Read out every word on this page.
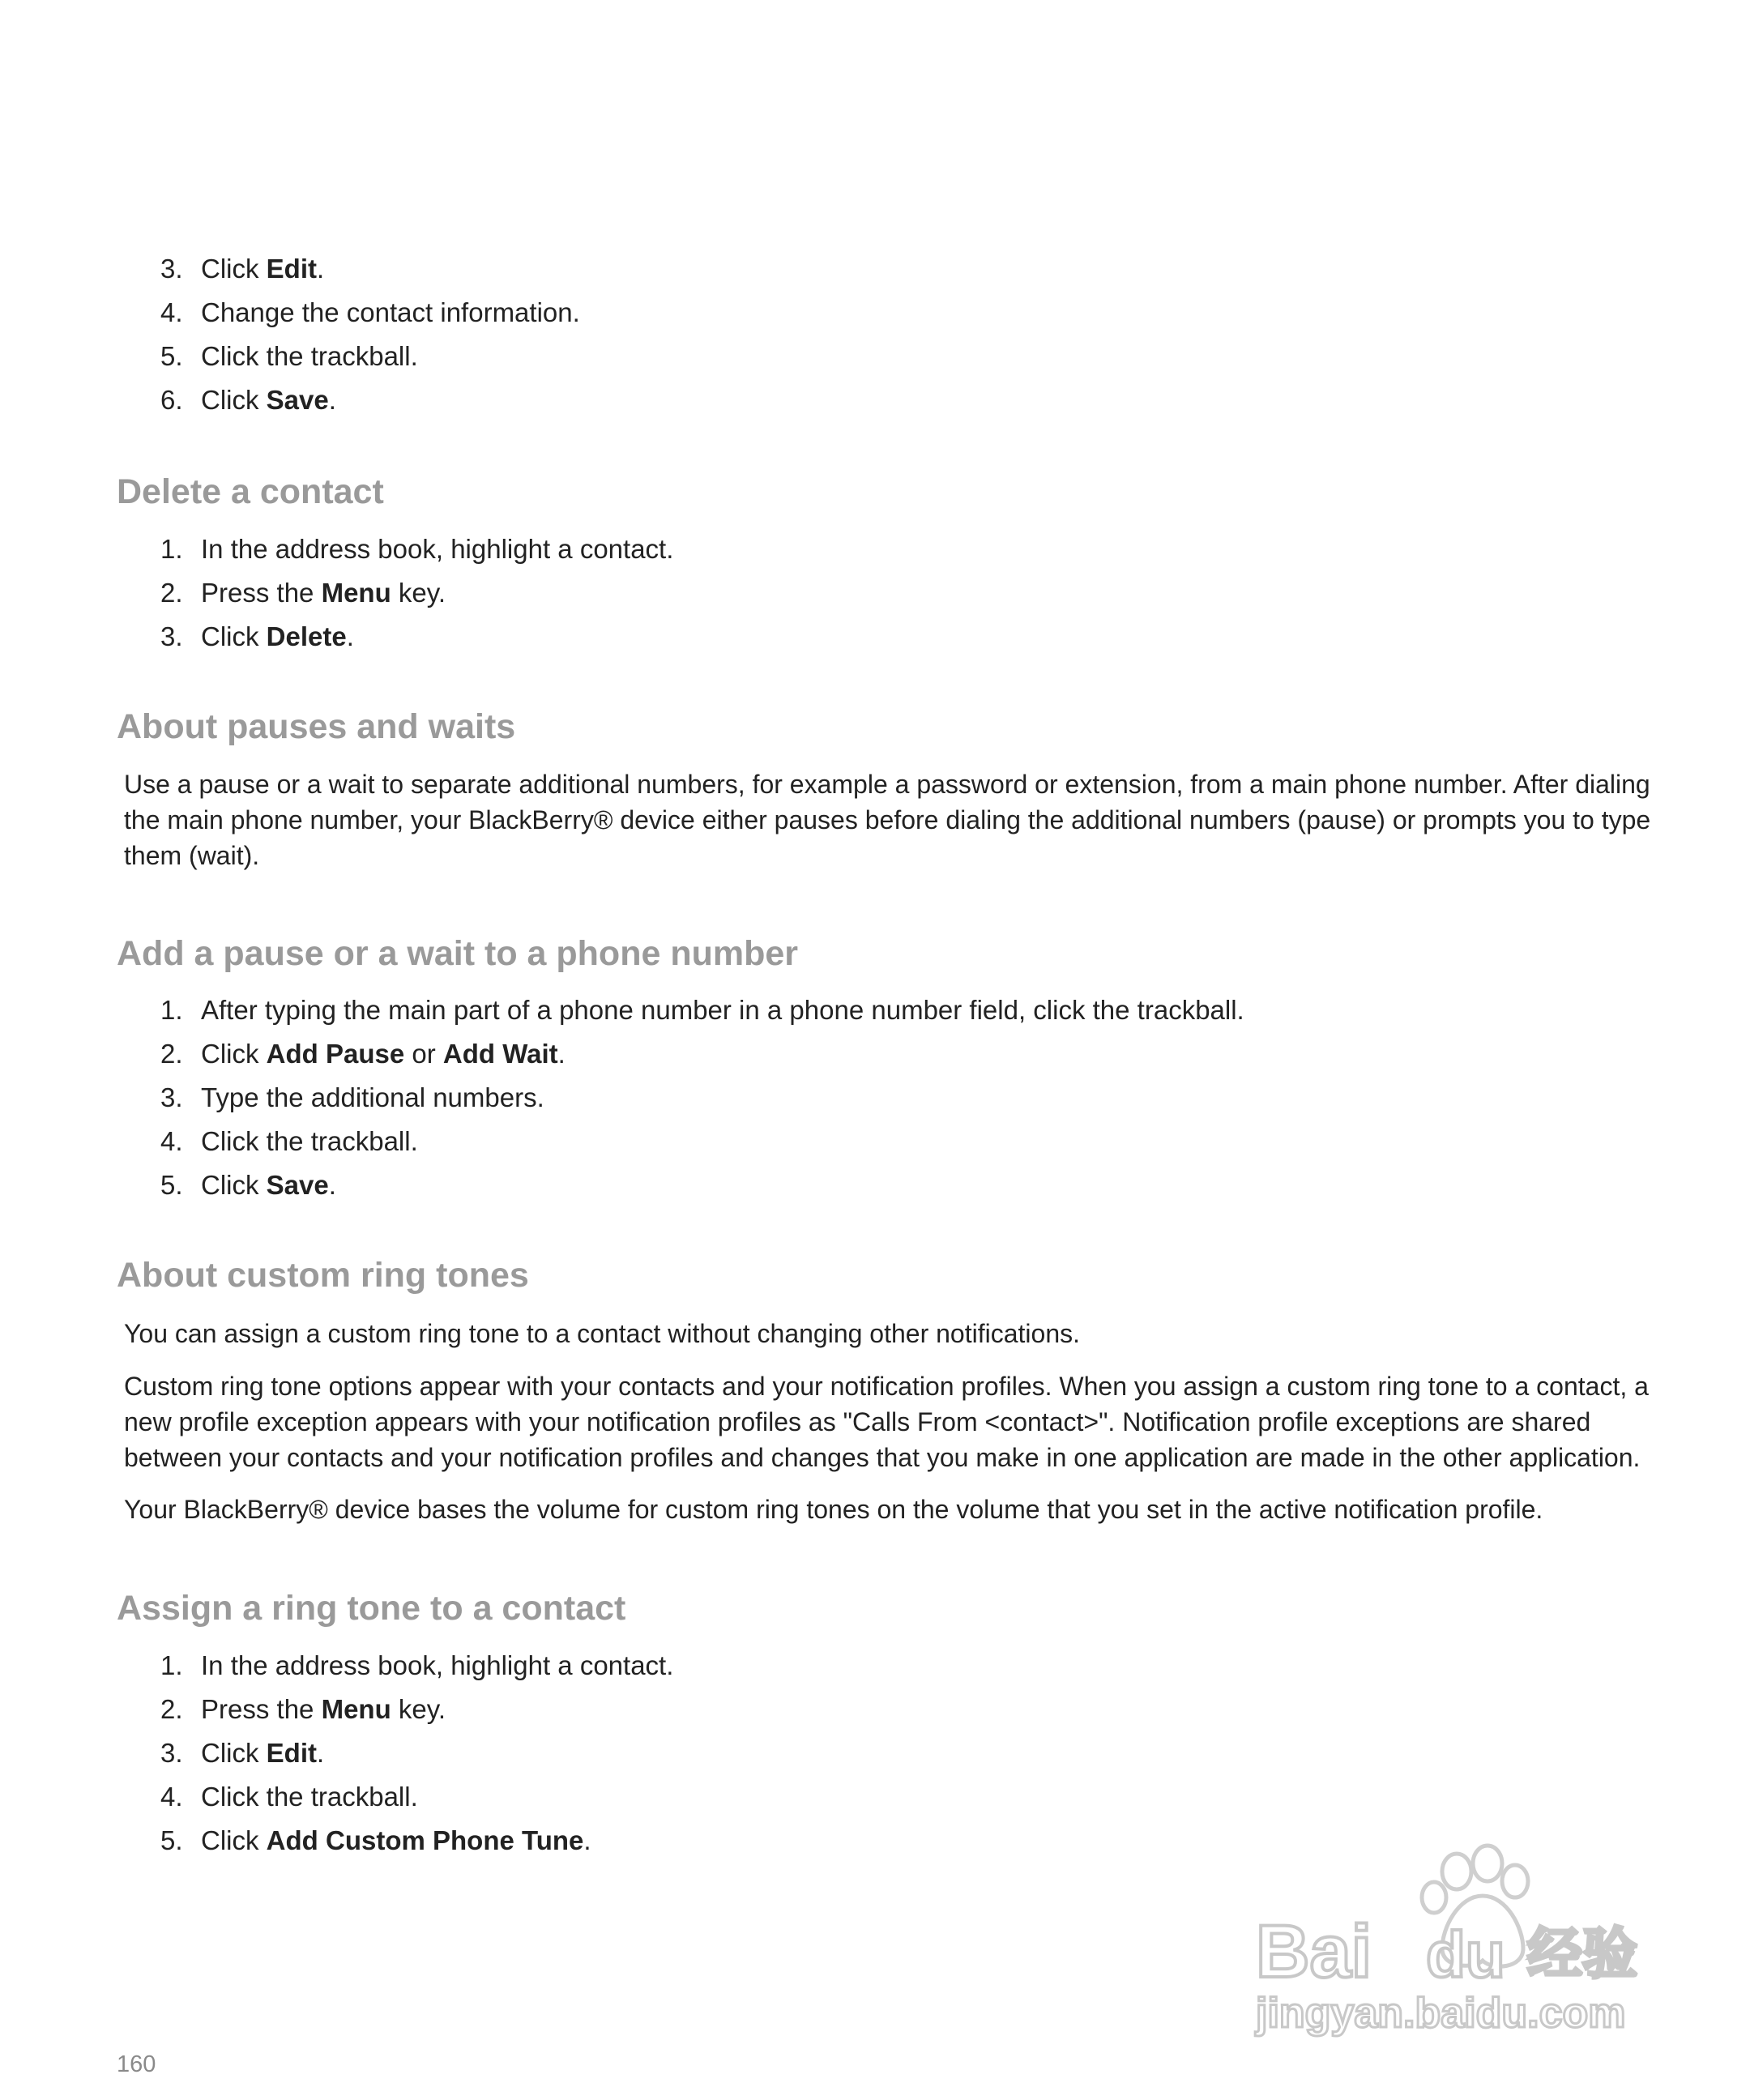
3. Click Edit.
4. Change the contact information.
5. Click the trackball.
6. Click Save.
Delete a contact
1. In the address book, highlight a contact.
2. Press the Menu key.
3. Click Delete.
About pauses and waits

Use a pause or a wait to separate additional numbers, for example a password or extension, from a main phone number. After dialing the main phone number, your BlackBerry® device either pauses before dialing the additional numbers (pause) or prompts you to type them (wait).

Add a pause or a wait to a phone number
1. After typing the main part of a phone number in a phone number field, click the trackball.
2. Click Add Pause or Add Wait.
3. Type the additional numbers.
4. Click the trackball.
5. Click Save.
About custom ring tones

You can assign a custom ring tone to a contact without changing other notifications.

Custom ring tone options appear with your contacts and your notification profiles. When you assign a custom ring tone to a contact, a new profile exception appears with your notification profiles as "Calls From <contact>". Notification profile exceptions are shared between your contacts and your notification profiles and changes that you make in one application are made in the other application.

Your BlackBerry® device bases the volume for custom ring tones on the volume that you set in the active notification profile.

Assign a ring tone to a contact
1. In the address book, highlight a contact.
2. Press the Menu key.
3. Click Edit.
4. Click the trackball.
5. Click Add Custom Phone Tune.
Bai du 经验
jingyan.baidu.com
160
